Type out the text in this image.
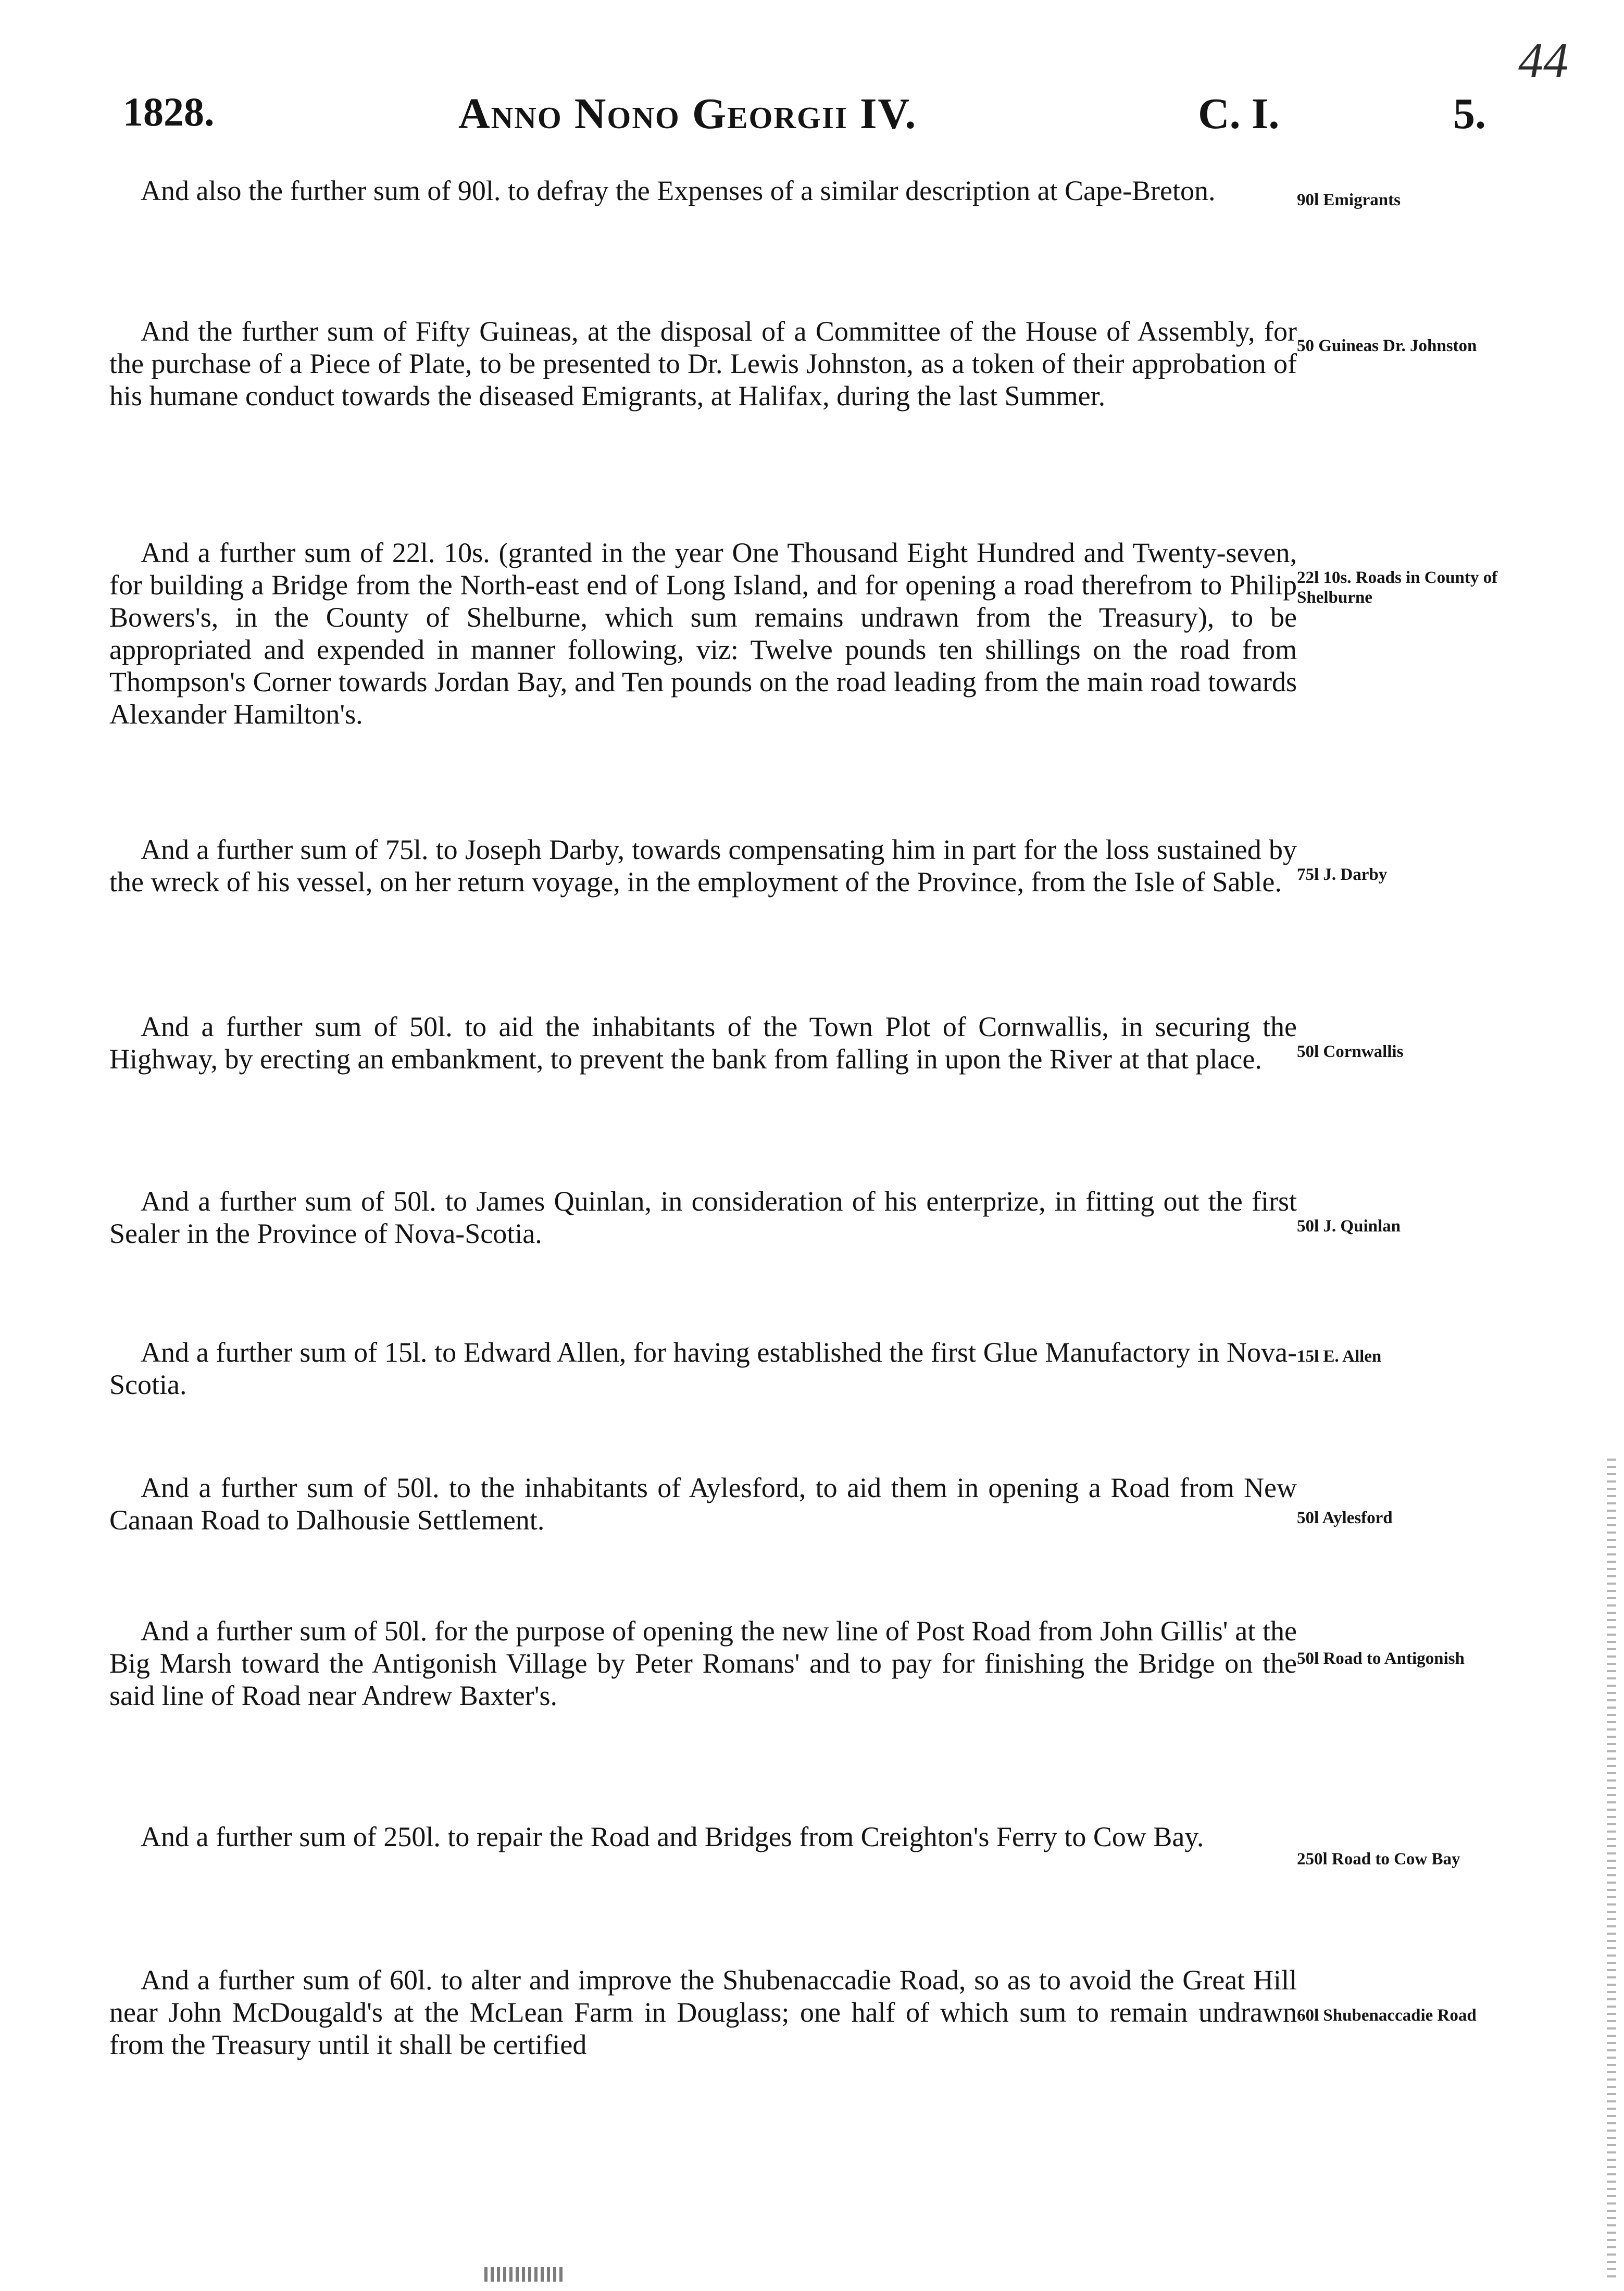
44
1828.	Anno Nono Georgii IV.	C. I.	5.

And also the further sum of 90l. to defray the Expenses of a similar description at Cape-Breton.	90l Emigrants

And the further sum of Fifty Guineas, at the disposal of a Committee of the House of Assembly, for the purchase of a Piece of Plate, to be presented to Dr. Lewis Johnston, as a token of their approbation of his humane conduct towards the diseased Emigrants, at Halifax, during the last Summer.

50 Guineas Dr. Johnston

And a further sum of 22l. 10s. (granted in the year One Thousand Eight Hundred and Twenty-seven, for building a Bridge from the North-east end of Long Island, and for opening a road therefrom to Philip Bowers's, in the County of Shelburne, which sum remains undrawn from the Treasury), to be appropriated and expended in manner following, viz: Twelve pounds ten shillings on the road from Thompson's Corner towards Jordan Bay, and Ten pounds on the road leading from the main road towards Alexander Hamilton's.

22l 10s. Roads in County of Shelburne

And a further sum of 75l. to Joseph Darby, towards compensating him in part for the loss sustained by the wreck of his vessel, on her return voyage, in the employment of the Province, from the Isle of Sable. 75l J. Darby

And a further sum of 50l. to aid the inhabitants of the Town Plot of Cornwallis, in securing the Highway, by erecting an embankment, to prevent the bank from falling in upon the River at that place.	50l Cornwallis

And a further sum of 50l. to James Quinlan, in consideration of his enterprize, in fitting out the first Sealer in the Province of Nova-Scotia.	50l J. Quinlan

And a further sum of 15l. to Edward Allen, for having established the first Glue Manufactory in Nova-Scotia.

15l E. Allen

And a further sum of 50l. to the inhabitants of Aylesford, to aid them in opening a Road from New Canaan Road to Dalhousie Settlement.	50l Aylesford

And a further sum of 50l. for the purpose of opening the new line of Post Road from John Gillis' at the Big Marsh toward the Antigonish Village by Peter Romans' and to pay for finishing the Bridge on the said line of Road near Andrew Baxter's.

50l Road to Antigonish

And a further sum of 250l. to repair the Road and Bridges from Creighton's Ferry to Cow Bay.

250l Road to Cow Bay

And a further sum of 60l. to alter and improve the Shubenaccadie Road, so as to avoid the Great Hill near John McDougald's at the McLean Farm in Douglass; one half of which sum to remain undrawn from the Treasury until it shall be certified

60l Shubenaccadie Road
